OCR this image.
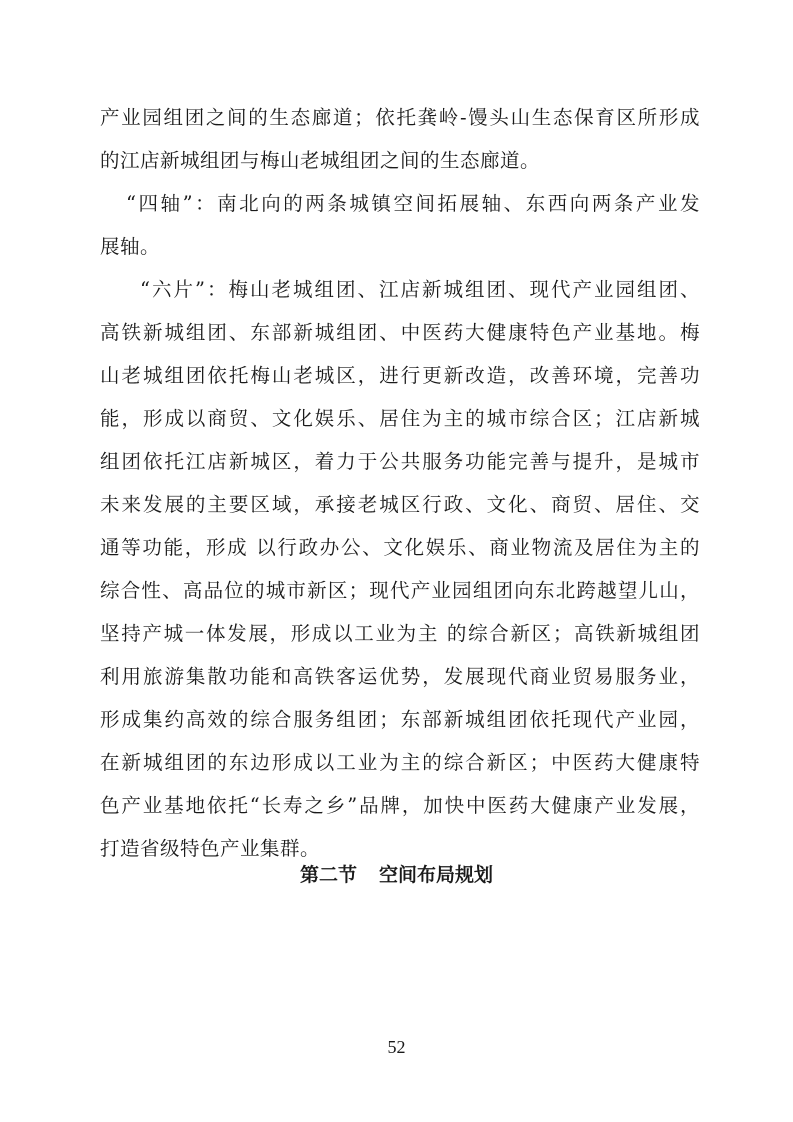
产业园组团之间的生态廊道；依托龚岭-馒头山生态保育区所形成
的江店新城组团与梅山老城组团之间的生态廊道。
“四轴”：南北向的两条城镇空间拓展轴、东西向两条产业发
展轴。
“六片”：梅山老城组团、江店新城组团、现代产业园组团、
高铁新城组团、东部新城组团、中医药大健康特色产业基地。梅
山老城组团依托梅山老城区，进行更新改造，改善环境，完善功
能，形成以商贸、文化娱乐、居住为主的城市综合区；江店新城
组团依托江店新城区，着力于公共服务功能完善与提升，是城市
未来发展的主要区域，承接老城区行政、文化、商贸、居住、交
通等功能，形成 以行政办公、文化娱乐、商业物流及居住为主的
综合性、高品位的城市新区；现代产业园组团向东北跨越望儿山，
坚持产城一体发展，形成以工业为主 的综合新区；高铁新城组团
利用旅游集散功能和高铁客运优势，发展现代商业贸易服务业，
形成集约高效的综合服务组团；东部新城组团依托现代产业园，
在新城组团的东边形成以工业为主的综合新区；中医药大健康特
色产业基地依托“长寿之乡”品牌，加快中医药大健康产业发展，
打造省级特色产业集群。
第二节 空间布局规划
52
